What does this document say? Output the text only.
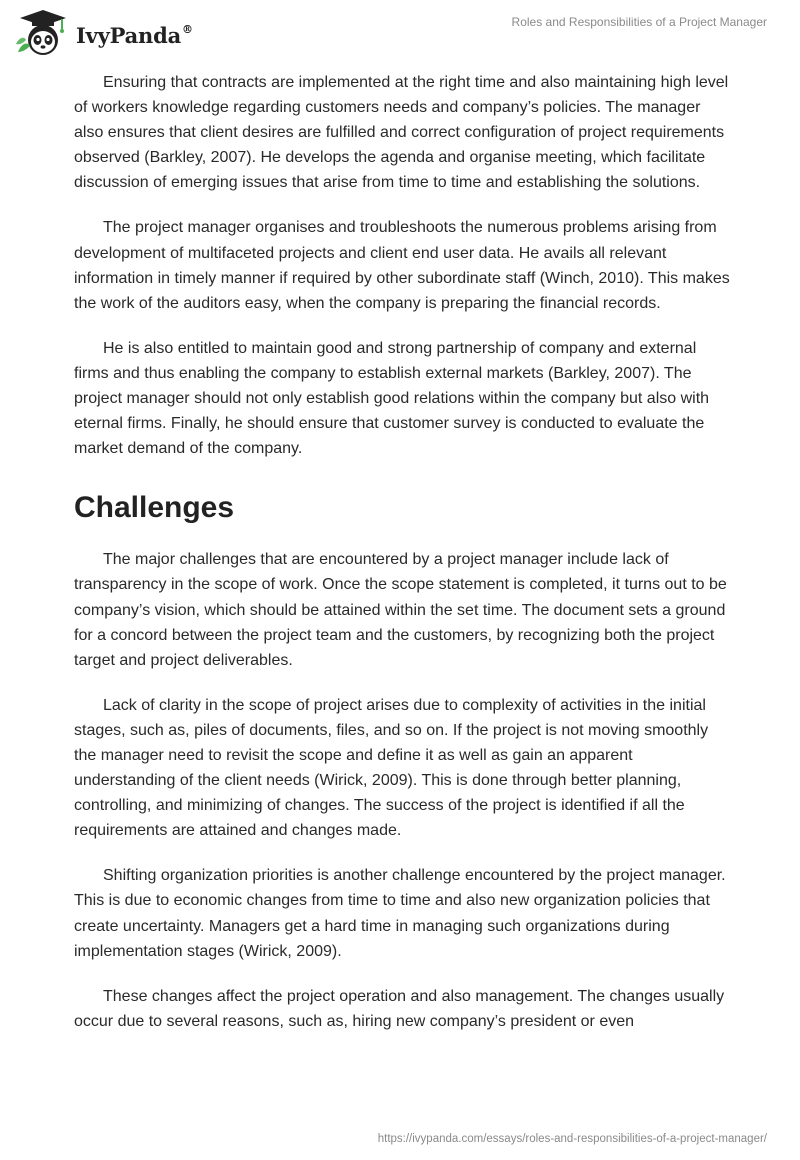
IvyPanda®	Roles and Responsibilities of a Project Manager

Ensuring that contracts are implemented at the right time and also maintaining high level of workers knowledge regarding customers needs and company’s policies. The manager also ensures that client desires are fulfilled and correct configuration of project requirements observed (Barkley, 2007). He develops the agenda and organise meeting, which facilitate discussion of emerging issues that arise from time to time and establishing the solutions.

The project manager organises and troubleshoots the numerous problems arising from development of multifaceted projects and client end user data. He avails all relevant information in timely manner if required by other subordinate staff (Winch, 2010). This makes the work of the auditors easy, when the company is preparing the financial records.

He is also entitled to maintain good and strong partnership of company and external firms and thus enabling the company to establish external markets (Barkley, 2007). The project manager should not only establish good relations within the company but also with eternal firms. Finally, he should ensure that customer survey is conducted to evaluate the market demand of the company.

Challenges

The major challenges that are encountered by a project manager include lack of transparency in the scope of work. Once the scope statement is completed, it turns out to be company’s vision, which should be attained within the set time. The document sets a ground for a concord between the project team and the customers, by recognizing both the project target and project deliverables.

Lack of clarity in the scope of project arises due to complexity of activities in the initial stages, such as, piles of documents, files, and so on. If the project is not moving smoothly the manager need to revisit the scope and define it as well as gain an apparent understanding of the client needs (Wirick, 2009). This is done through better planning, controlling, and minimizing of changes. The success of the project is identified if all the requirements are attained and changes made.

Shifting organization priorities is another challenge encountered by the project manager. This is due to economic changes from time to time and also new organization policies that create uncertainty. Managers get a hard time in managing such organizations during implementation stages (Wirick, 2009).

These changes affect the project operation and also management. The changes usually occur due to several reasons, such as, hiring new company’s president or even

https://ivypanda.com/essays/roles-and-responsibilities-of-a-project-manager/
